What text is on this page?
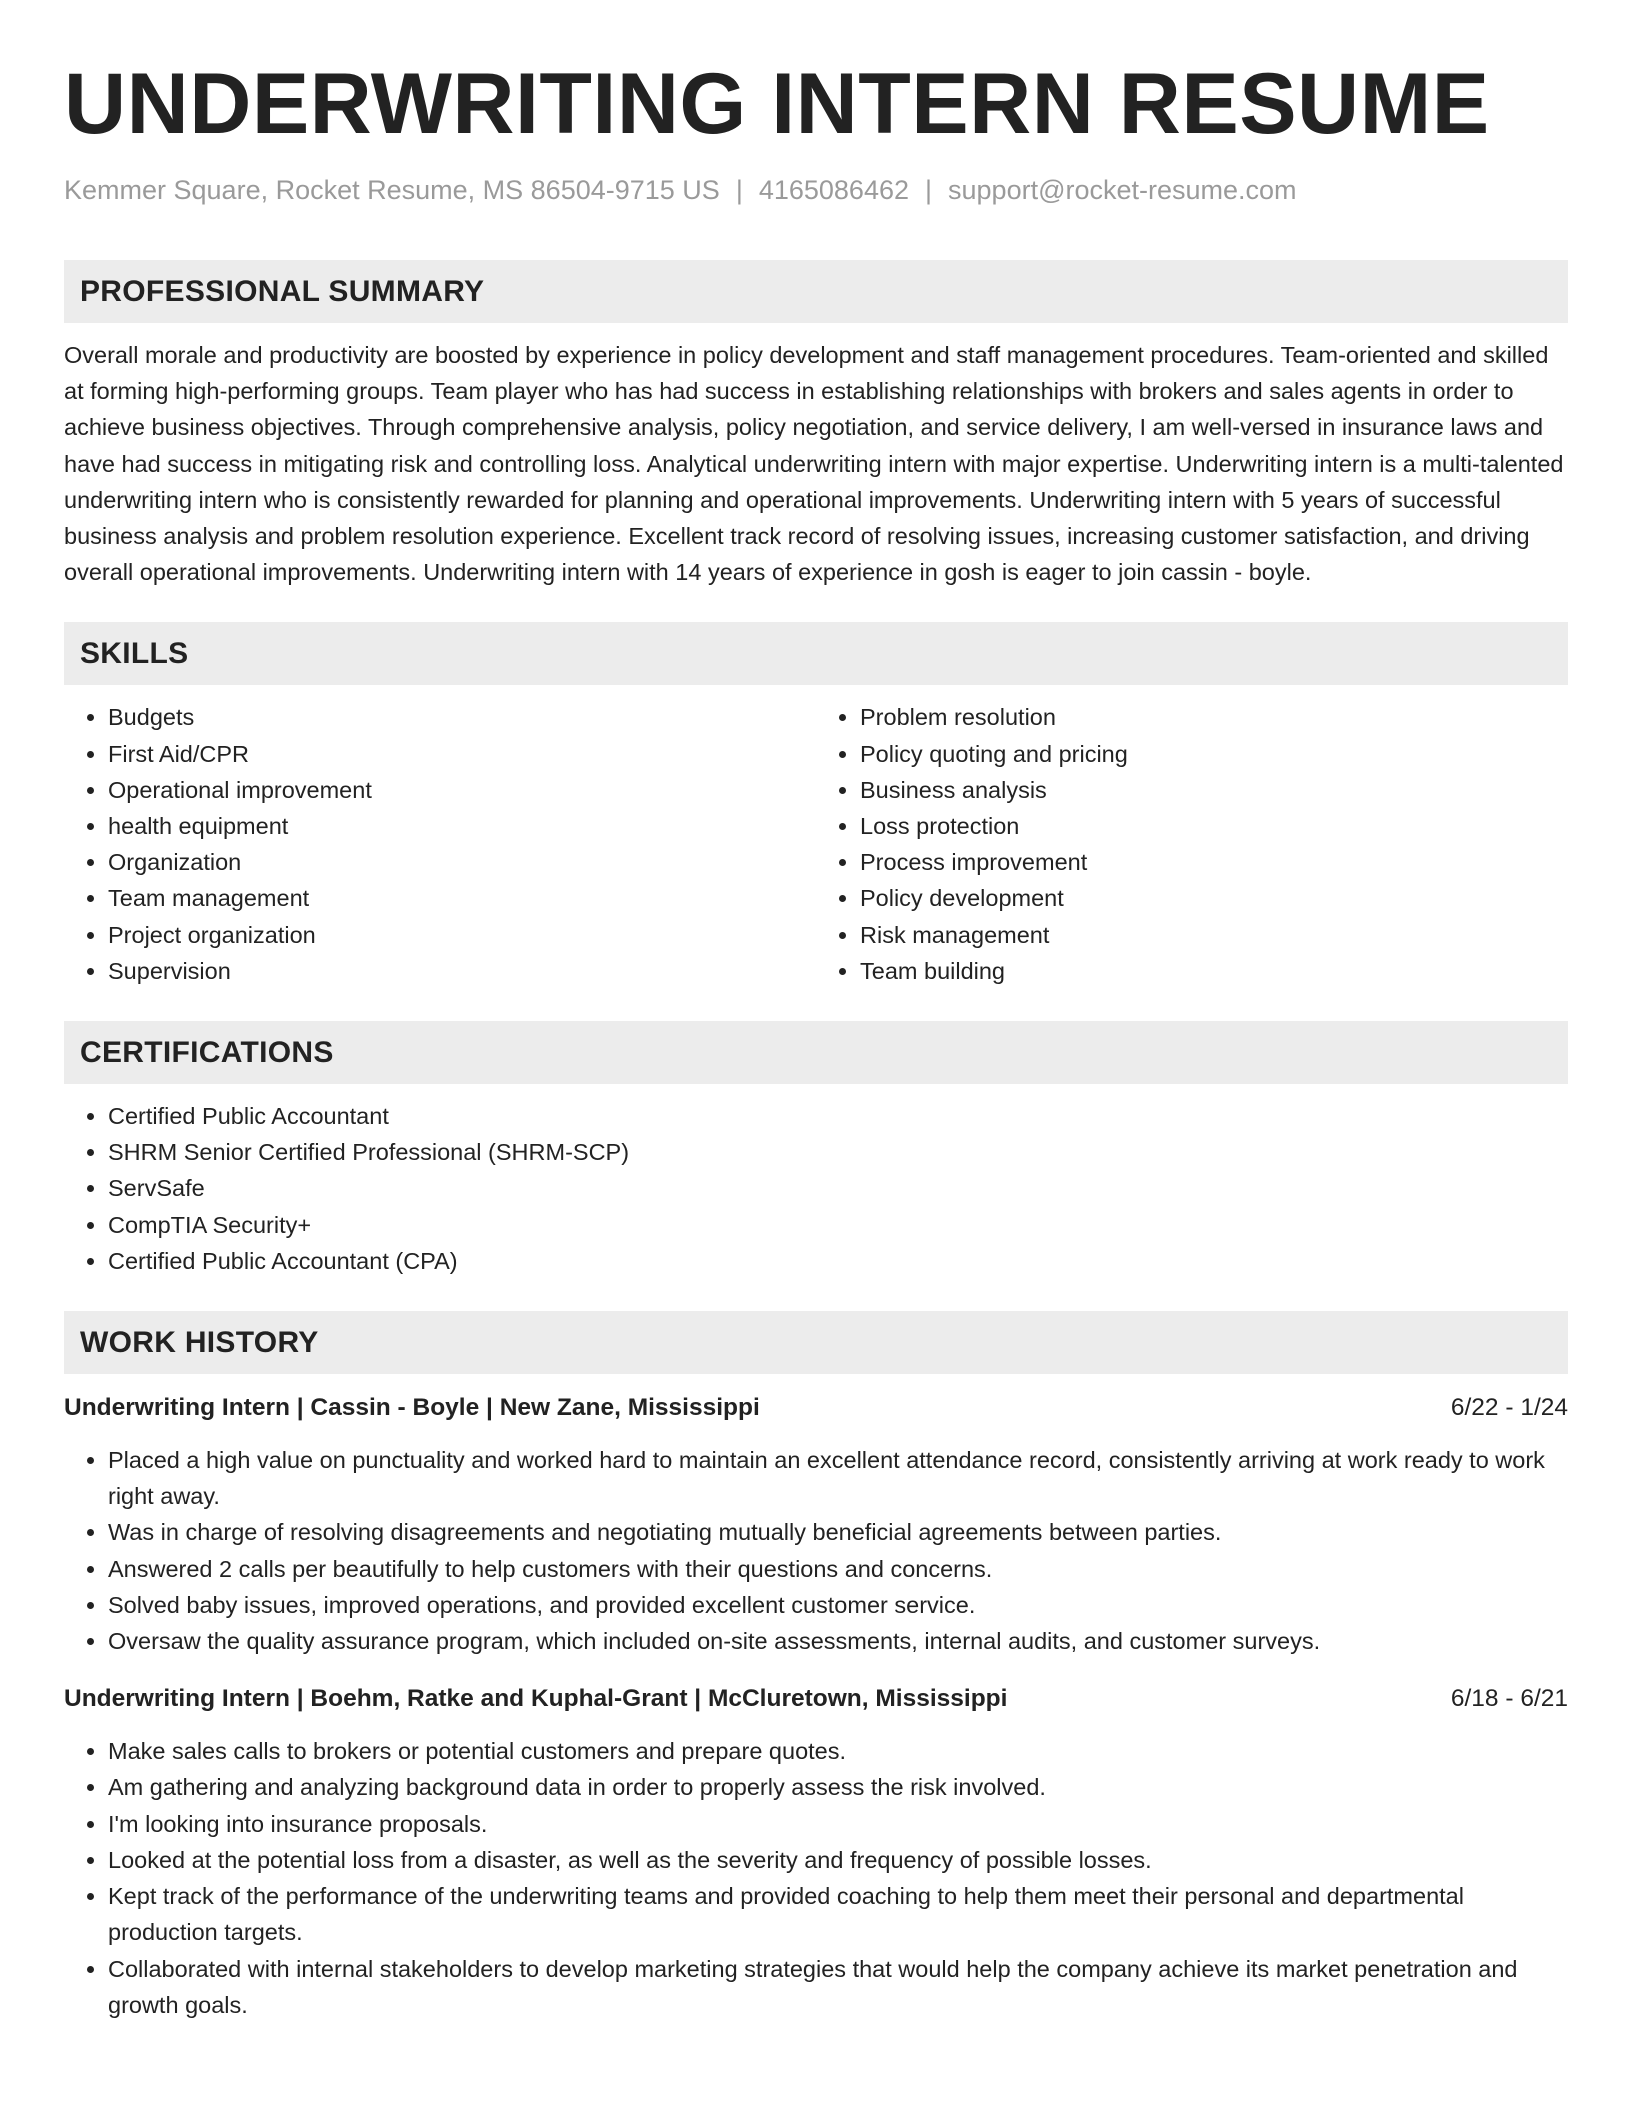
UNDERWRITING INTERN RESUME
Kemmer Square, Rocket Resume, MS 86504-9715 US | 4165086462 | support@rocket-resume.com
PROFESSIONAL SUMMARY

Overall morale and productivity are boosted by experience in policy development and staff management procedures. Team-oriented and skilled at forming high-performing groups. Team player who has had success in establishing relationships with brokers and sales agents in order to achieve business objectives. Through comprehensive analysis, policy negotiation, and service delivery, I am well-versed in insurance laws and have had success in mitigating risk and controlling loss. Analytical underwriting intern with major expertise. Underwriting intern is a multi-talented underwriting intern who is consistently rewarded for planning and operational improvements. Underwriting intern with 5 years of successful business analysis and problem resolution experience. Excellent track record of resolving issues, increasing customer satisfaction, and driving overall operational improvements. Underwriting intern with 14 years of experience in gosh is eager to join cassin - boyle.

SKILLS
• Budgets
• First Aid/CPR
• Operational improvement
• health equipment
• Organization
• Team management
• Project organization
• Supervision
• Problem resolution
• Policy quoting and pricing
• Business analysis
• Loss protection
• Process improvement
• Policy development
• Risk management
• Team building
CERTIFICATIONS
• Certified Public Accountant
• SHRM Senior Certified Professional (SHRM-SCP)
• ServSafe
• CompTIA Security+
• Certified Public Accountant (CPA)
WORK HISTORY
Underwriting Intern | Cassin - Boyle | New Zane, Mississippi	6/22 - 1/24
• Placed a high value on punctuality and worked hard to maintain an excellent attendance record, consistently arriving at work ready to work right away.
• Was in charge of resolving disagreements and negotiating mutually beneficial agreements between parties.
• Answered 2 calls per beautifully to help customers with their questions and concerns.
• Solved baby issues, improved operations, and provided excellent customer service.
• Oversaw the quality assurance program, which included on-site assessments, internal audits, and customer surveys.
Underwriting Intern | Boehm, Ratke and Kuphal-Grant | McCluretown, Mississippi	6/18 - 6/21
• Make sales calls to brokers or potential customers and prepare quotes.
• Am gathering and analyzing background data in order to properly assess the risk involved.
• I'm looking into insurance proposals.
• Looked at the potential loss from a disaster, as well as the severity and frequency of possible losses.
• Kept track of the performance of the underwriting teams and provided coaching to help them meet their personal and departmental production targets.
• Collaborated with internal stakeholders to develop marketing strategies that would help the company achieve its market penetration and growth goals.
